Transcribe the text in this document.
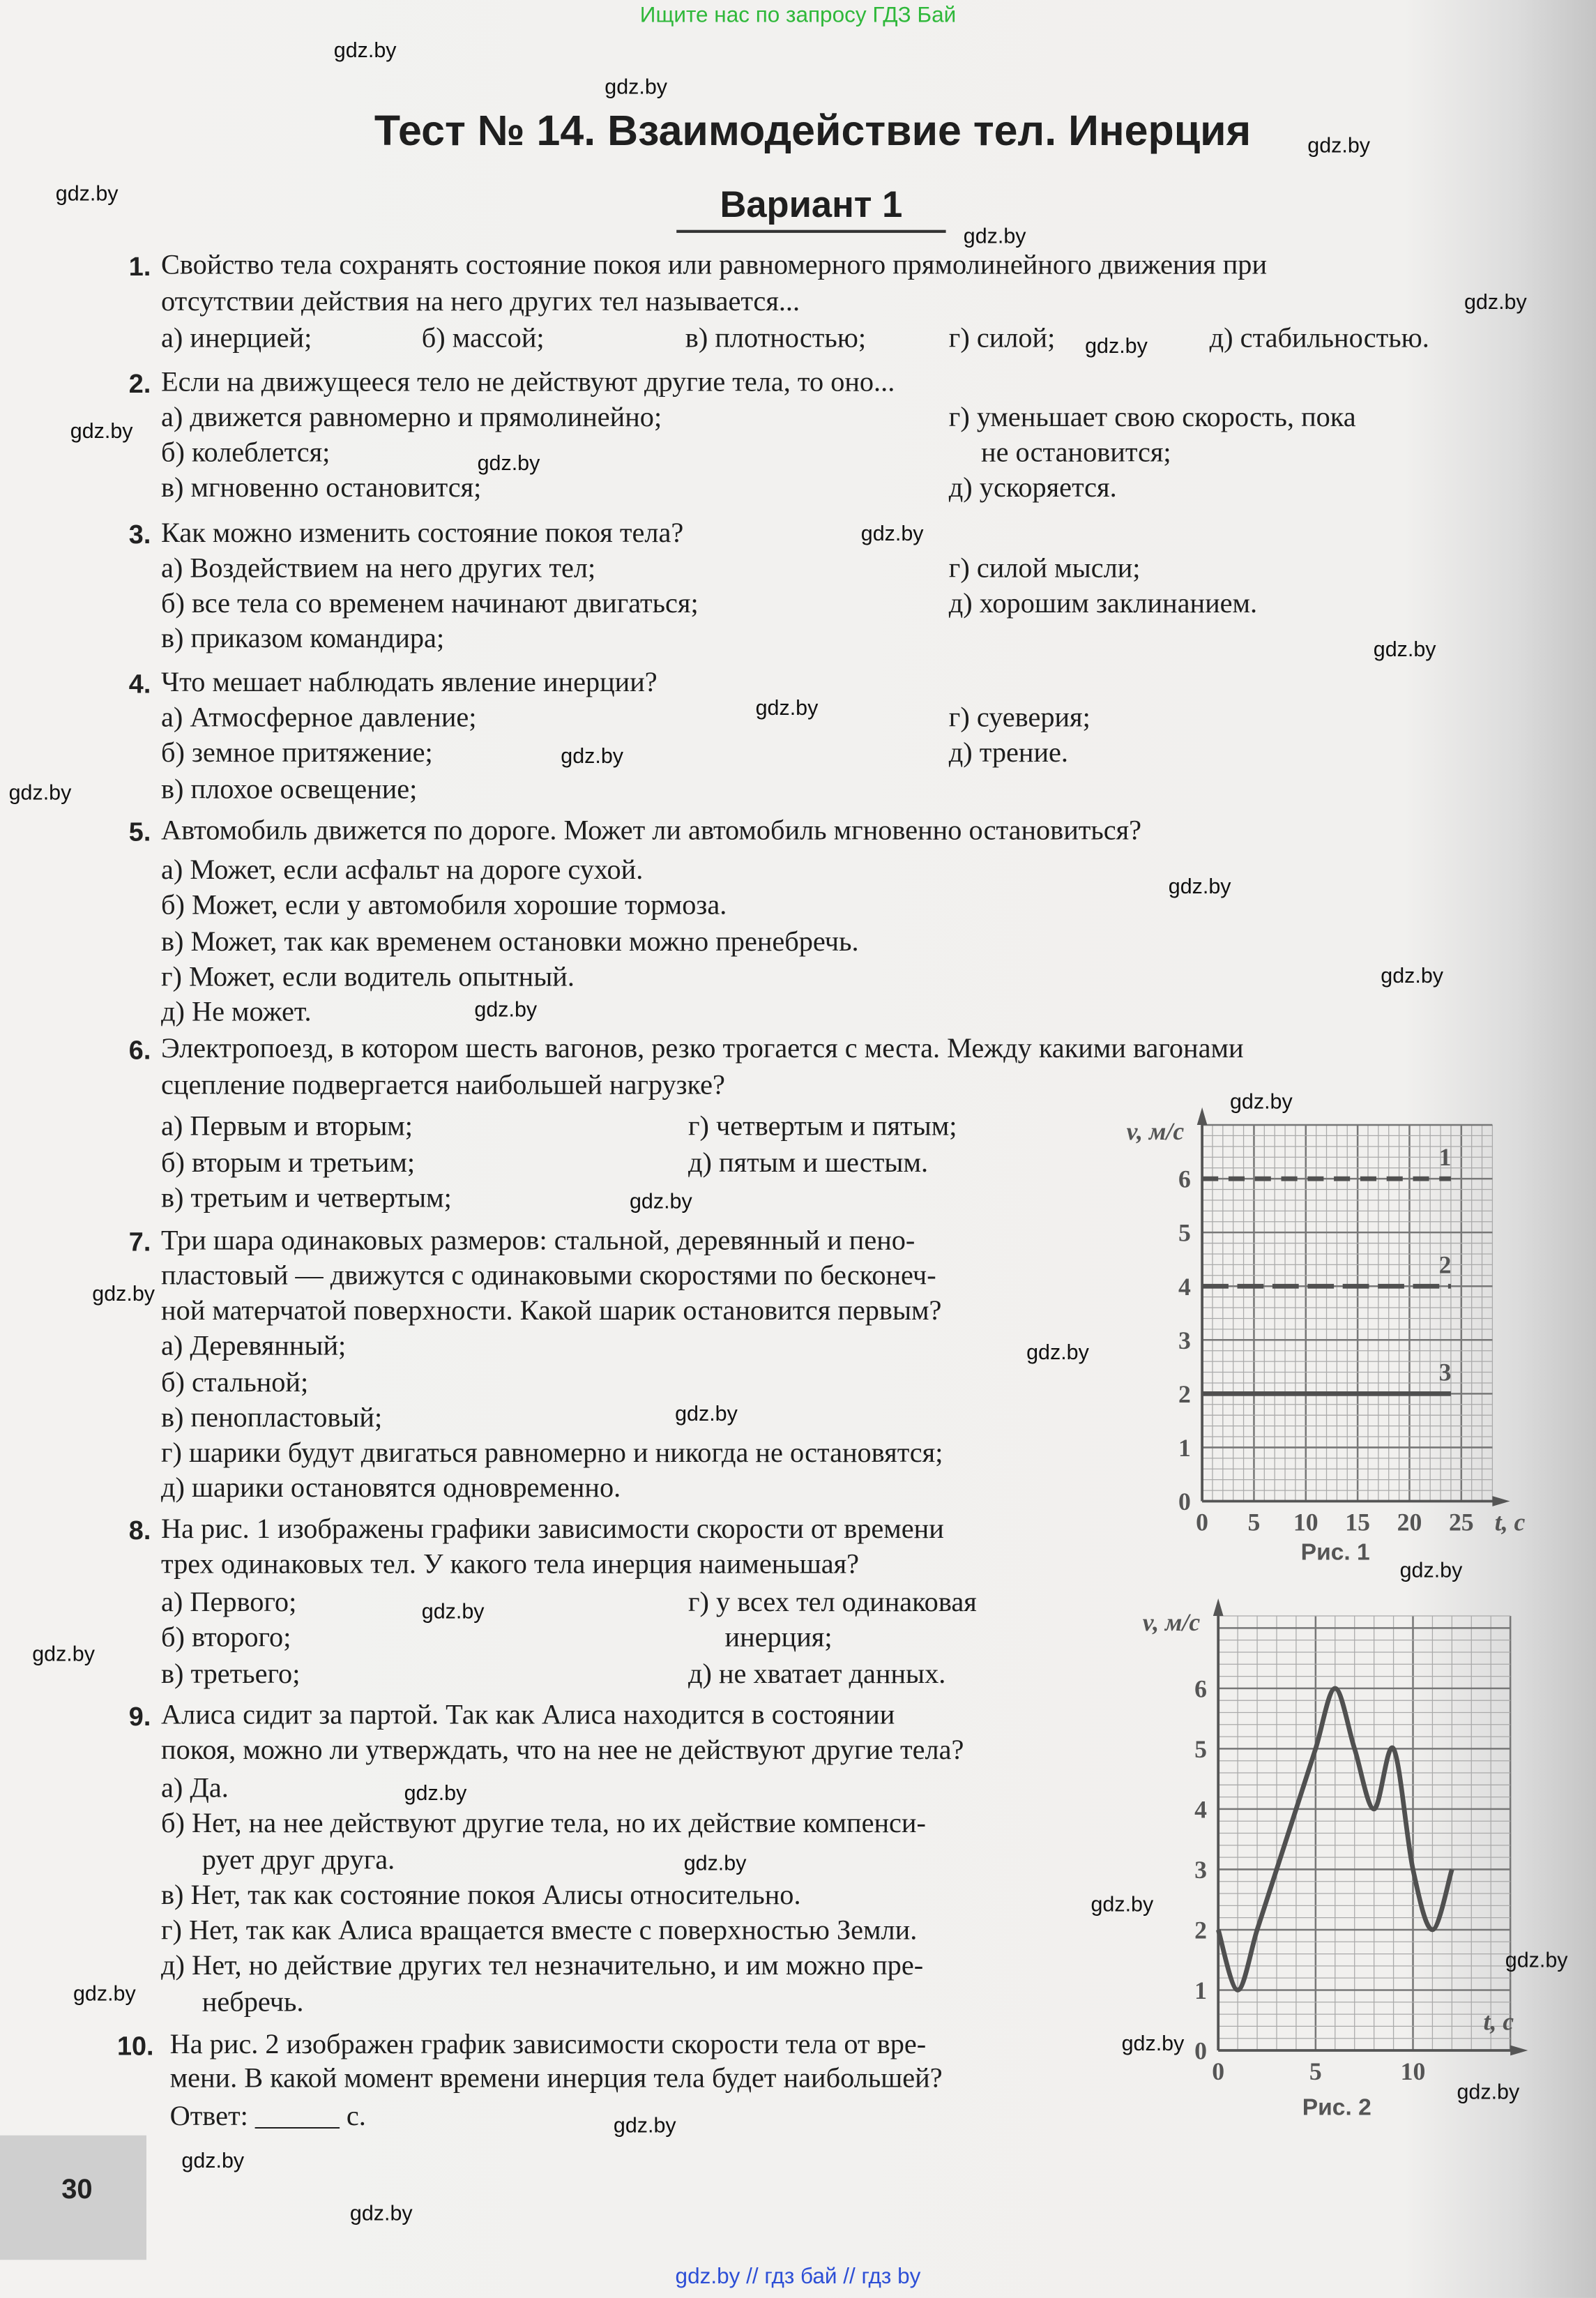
Ищите нас по запросу ГДЗ Бай
Тест № 14. Взаимодействие тел. Инерция
Вариант 1
1. Свойство тела сохранять состояние покоя или равномерного прямолинейного движения при
отсутствии действия на него других тел называется...
а) инерцией;	б) массой;	в) плотностью;	г) силой;	д) стабильностью.
2. Если на движущееся тело не действуют другие тела, то оно...
а) движется равномерно и прямолинейно;
б) колеблется;
в) мгновенно остановится;
г) уменьшает свою скорость, пока
не остановится;
д) ускоряется.
3. Как можно изменить состояние покоя тела?
а) Воздействием на него других тел;
б) все тела со временем начинают двигаться;
в) приказом командира;
г) силой мысли;
д) хорошим заклинанием.
4. Что мешает наблюдать явление инерции?
а) Атмосферное давление;
б) земное притяжение;
в) плохое освещение;
г) суеверия;
д) трение.
5. Автомобиль движется по дороге. Может ли автомобиль мгновенно остановиться?
а) Может, если асфальт на дороге сухой.
б) Может, если у автомобиля хорошие тормоза.
в) Может, так как временем остановки можно пренебречь.
г) Может, если водитель опытный.
д) Не может.
6. Электропоезд, в котором шесть вагонов, резко трогается с места. Между какими вагонами
сцепление подвергается наибольшей нагрузке?
а) Первым и вторым;
б) вторым и третьим;
в) третьим и четвертым;
г) четвертым и пятым;
д) пятым и шестым.
7. Три шара одинаковых размеров: стальной, деревянный и пено-
пластовый — движутся с одинаковыми скоростями по бесконеч-
ной матерчатой поверхности. Какой шарик остановится первым?
а) Деревянный;
б) стальной;
в) пенопластовый;
г) шарики будут двигаться равномерно и никогда не остановятся;
д) шарики остановятся одновременно.
8. На рис. 1 изображены графики зависимости скорости от времени
трех одинаковых тел. У какого тела инерция наименьшая?
а) Первого;
б) второго;
в) третьего;
г) у всех тел одинаковая
инерция;
д) не хватает данных.
9. Алиса сидит за партой. Так как Алиса находится в состоянии
покоя, можно ли утверждать, что на нее не действуют другие тела?
а) Да.
б) Нет, на нее действуют другие тела, но их действие компенси-
рует друг друга.
в) Нет, так как состояние покоя Алисы относительно.
г) Нет, так как Алиса вращается вместе с поверхностью Земли.
д) Нет, но действие других тел незначительно, и им можно пре-
небречь.
10. На рис. 2 изображен график зависимости скорости тела от вре-
мени. В какой момент времени инерция тела будет наибольшей?
Ответ: ______ с.
0
1
2
3
4
5
6
0	5	10 15 20 25 t, с
v, м/с
Рис. 1
1
2
3
0
1
2
3
4
5
6
0	5	10
t, с
v, м/с
Рис. 2
30
gdz.by
gdz.by
gdz.by
gdz.by
gdz.by
gdz.by
gdz.by
gdz.by
gdz.by
gdz.by
gdz.by
gdz.by
gdz.by
gdz.by
gdz.by
gdz.by
gdz.by
gdz.by
gdz.by
gdz.by
gdz.by
gdz.by
gdz.by
gdz.by
gdz.by
gdz.by
gdz.by
gdz.by
gdz.by
gdz.by
gdz.by
gdz.by
gdz.by
gdz.by
gdz.by
gdz.by // гдз бай // гдз by
